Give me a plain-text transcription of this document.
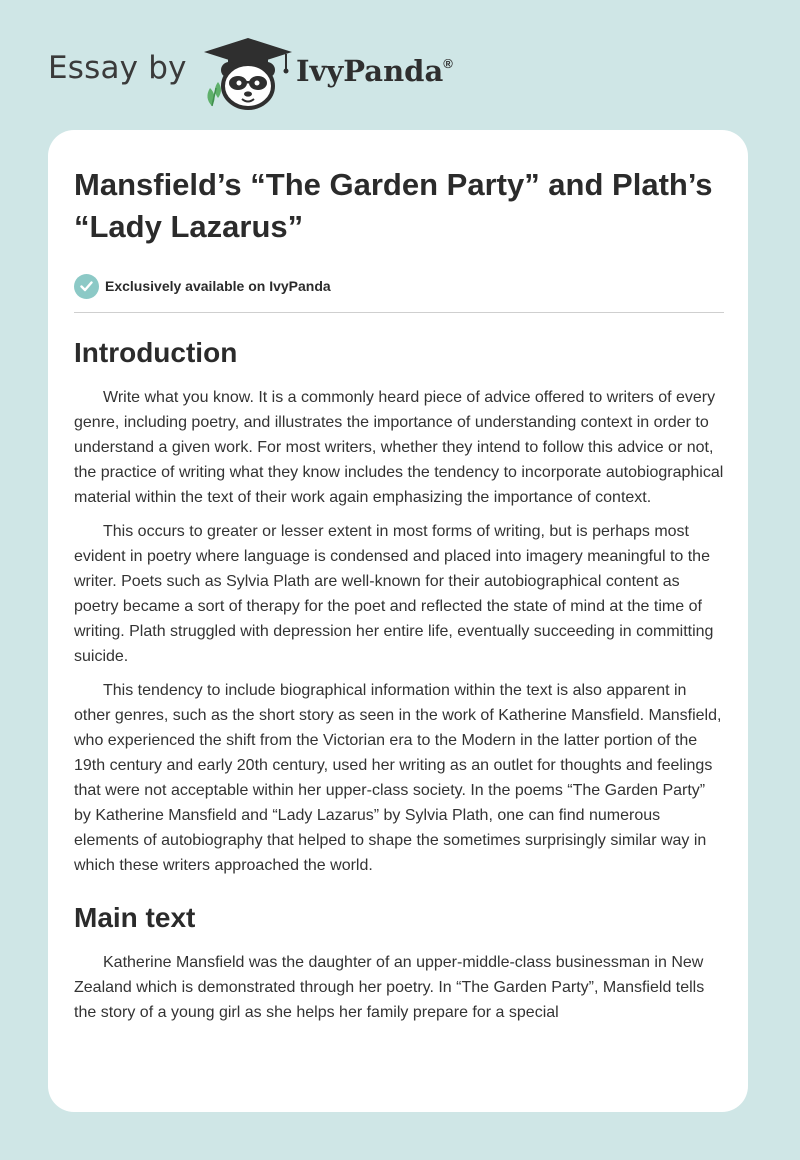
Essay by	IvyPanda®
Mansfield’s “The Garden Party” and Plath’s “Lady Lazarus”
Exclusively available on IvyPanda
Introduction

Write what you know. It is a commonly heard piece of advice offered to writers of every genre, including poetry, and illustrates the importance of understanding context in order to understand a given work. For most writers, whether they intend to follow this advice or not, the practice of writing what they know includes the tendency to incorporate autobiographical material within the text of their work again emphasizing the importance of context.

This occurs to greater or lesser extent in most forms of writing, but is perhaps most evident in poetry where language is condensed and placed into imagery meaningful to the writer. Poets such as Sylvia Plath are well-known for their autobiographical content as poetry became a sort of therapy for the poet and reflected the state of mind at the time of writing. Plath struggled with depression her entire life, eventually succeeding in committing suicide.

This tendency to include biographical information within the text is also apparent in other genres, such as the short story as seen in the work of Katherine Mansfield. Mansfield, who experienced the shift from the Victorian era to the Modern in the latter portion of the 19th century and early 20th century, used her writing as an outlet for thoughts and feelings that were not acceptable within her upper-class society. In the poems “The Garden Party” by Katherine Mansfield and “Lady Lazarus” by Sylvia Plath, one can find numerous elements of autobiography that helped to shape the sometimes surprisingly similar way in which these writers approached the world.

Main text

Katherine Mansfield was the daughter of an upper-middle-class businessman in New Zealand which is demonstrated through her poetry. In “The Garden Party”, Mansfield tells the story of a young girl as she helps her family prepare for a special
